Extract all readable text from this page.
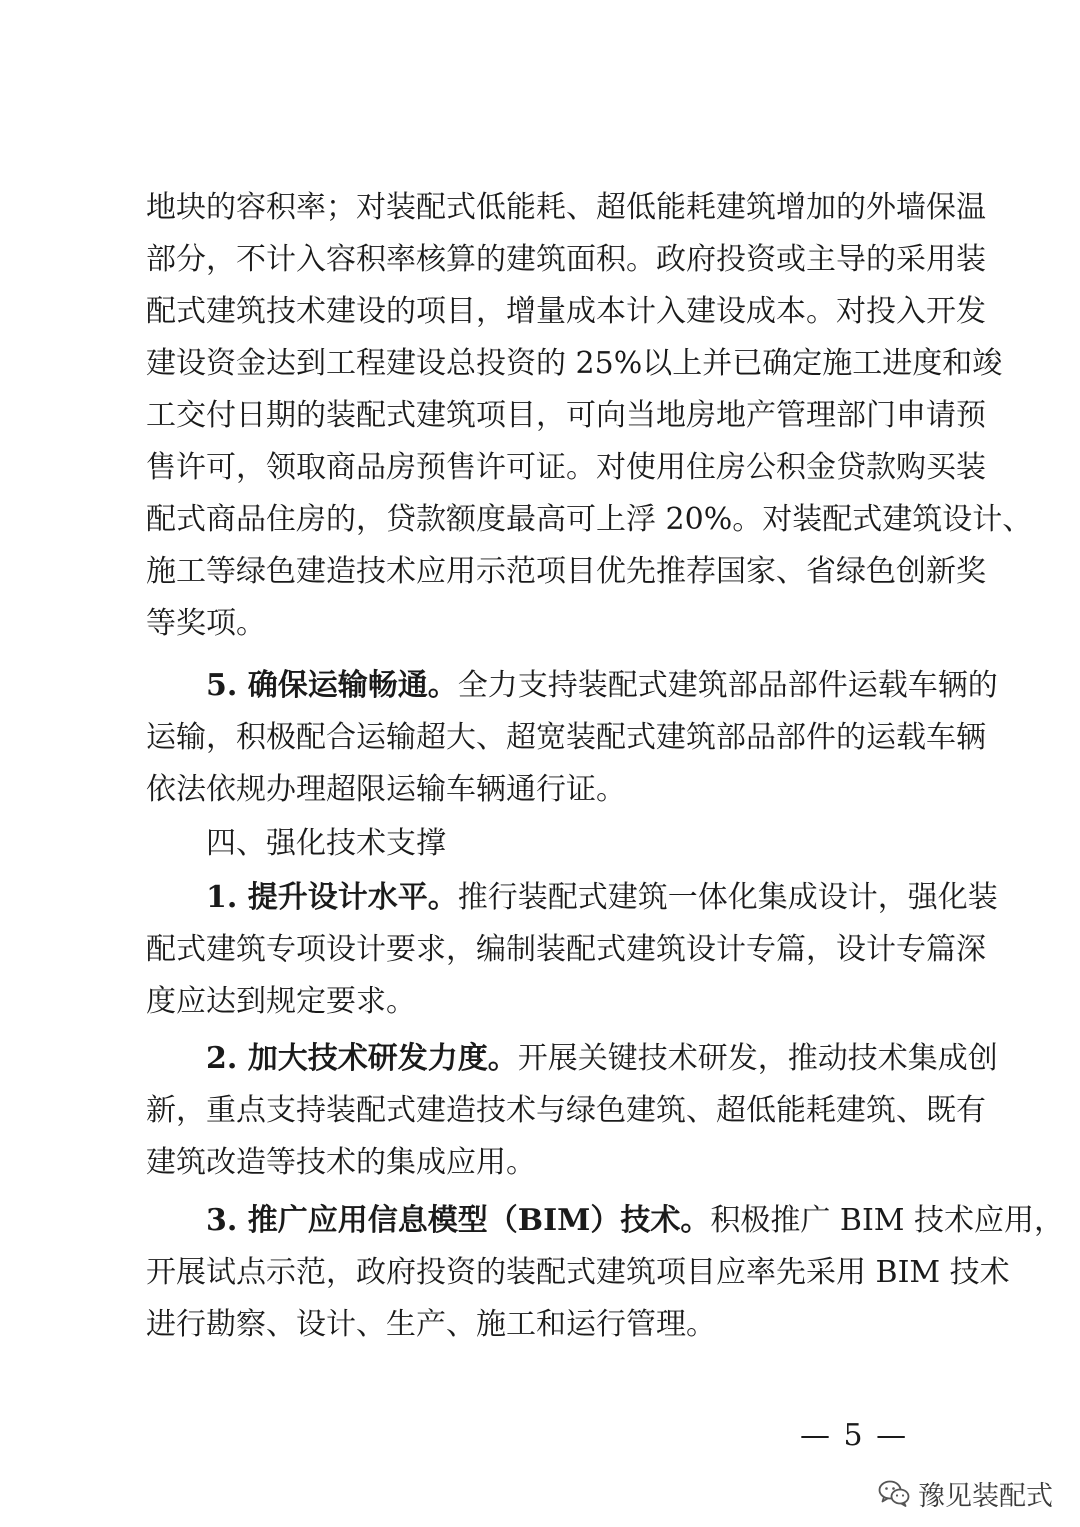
地块的容积率；对装配式低能耗、超低能耗建筑增加的外墙保温
部分，不计入容积率核算的建筑面积。政府投资或主导的采用装
配式建筑技术建设的项目，增量成本计入建设成本。对投入开发
建设资金达到工程建设总投资的 25%以上并已确定施工进度和竣
工交付日期的装配式建筑项目，可向当地房地产管理部门申请预
售许可，领取商品房预售许可证。对使用住房公积金贷款购买装
配式商品住房的，贷款额度最高可上浮 20%。对装配式建筑设计、
施工等绿色建造技术应用示范项目优先推荐国家、省绿色创新奖
等奖项。
5. 确保运输畅通。全力支持装配式建筑部品部件运载车辆的
运输，积极配合运输超大、超宽装配式建筑部品部件的运载车辆
依法依规办理超限运输车辆通行证。
四、强化技术支撑
1. 提升设计水平。推行装配式建筑一体化集成设计，强化装
配式建筑专项设计要求，编制装配式建筑设计专篇，设计专篇深
度应达到规定要求。
2. 加大技术研发力度。开展关键技术研发，推动技术集成创
新，重点支持装配式建造技术与绿色建筑、超低能耗建筑、既有
建筑改造等技术的集成应用。
3. 推广应用信息模型（BIM）技术。积极推广 BIM 技术应用，
开展试点示范，政府投资的装配式建筑项目应率先采用 BIM 技术
进行勘察、设计、生产、施工和运行管理。
— 5 —
豫见装配式
